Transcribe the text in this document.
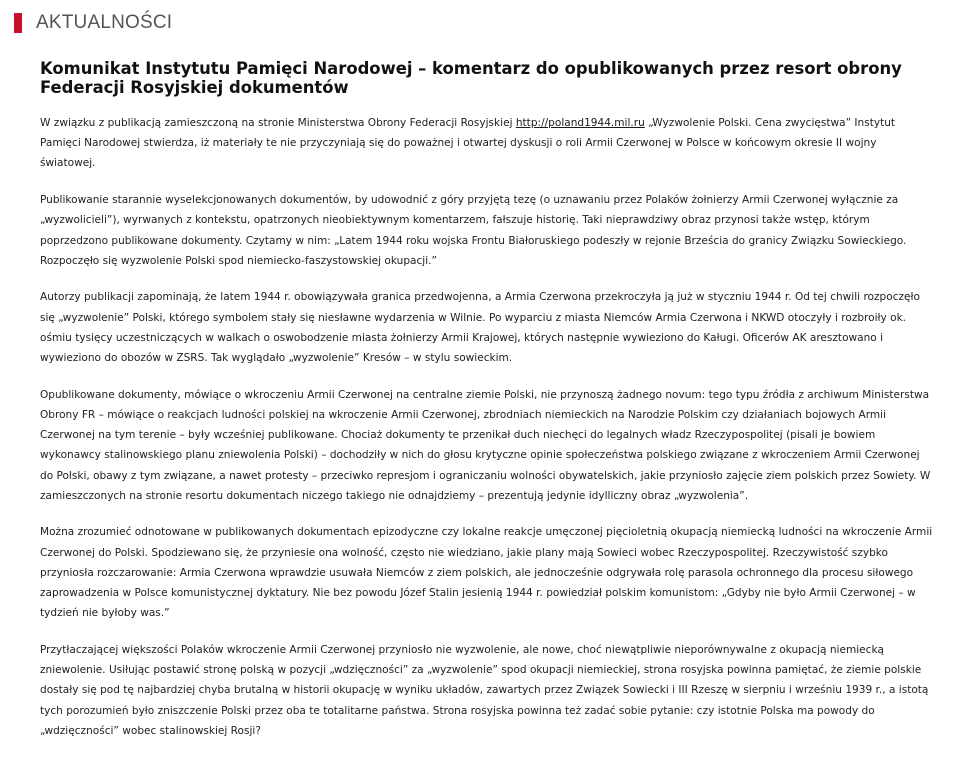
AKTUALNOŚCI
Komunikat Instytutu Pamięci Narodowej – komentarz do opublikowanych przez resort obrony Federacji Rosyjskiej dokumentów

W związku z publikacją zamieszczoną na stronie Ministerstwa Obrony Federacji Rosyjskiej http://poland1944.mil.ru „Wyzwolenie Polski. Cena zwycięstwa” Instytut Pamięci Narodowej stwierdza, iż materiały te nie przyczyniają się do poważnej i otwartej dyskusji o roli Armii Czerwonej w Polsce w końcowym okresie II wojny światowej.

Publikowanie starannie wyselekcjonowanych dokumentów, by udowodnić z góry przyjętą tezę (o uznawaniu przez Polaków żołnierzy Armii Czerwonej wyłącznie za „wyzwolicieli”), wyrwanych z kontekstu, opatrzonych nieobiektywnym komentarzem, fałszuje historię. Taki nieprawdziwy obraz przynosi także wstęp, którym poprzedzono publikowane dokumenty. Czytamy w nim: „Latem 1944 roku wojska Frontu Białoruskiego podeszły w rejonie Brześcia do granicy Związku Sowieckiego. Rozpoczęło się wyzwolenie Polski spod niemiecko-faszystowskiej okupacji.”

Autorzy publikacji zapominają, że latem 1944 r. obowiązywała granica przedwojenna, a Armia Czerwona przekroczyła ją już w styczniu 1944 r. Od tej chwili rozpoczęło się „wyzwolenie” Polski, którego symbolem stały się niesławne wydarzenia w Wilnie. Po wyparciu z miasta Niemców Armia Czerwona i NKWD otoczyły i rozbroiły ok. ośmiu tysięcy uczestniczących w walkach o oswobodzenie miasta żołnierzy Armii Krajowej, których następnie wywieziono do Kaługi. Oficerów AK aresztowano i wywieziono do obozów w ZSRS. Tak wyglądało „wyzwolenie” Kresów – w stylu sowieckim.

Opublikowane dokumenty, mówiące o wkroczeniu Armii Czerwonej na centralne ziemie Polski, nie przynoszą żadnego novum: tego typu źródła z archiwum Ministerstwa Obrony FR – mówiące o reakcjach ludności polskiej na wkroczenie Armii Czerwonej, zbrodniach niemieckich na Narodzie Polskim czy działaniach bojowych Armii Czerwonej na tym terenie – były wcześniej publikowane. Chociaż dokumenty te przenikał duch niechęci do legalnych władz Rzeczypospolitej (pisali je bowiem wykonawcy stalinowskiego planu zniewolenia Polski) – dochodziły w nich do głosu krytyczne opinie społeczeństwa polskiego związane z wkroczeniem Armii Czerwonej do Polski, obawy z tym związane, a nawet protesty – przeciwko represjom i ograniczaniu wolności obywatelskich, jakie przyniosło zajęcie ziem polskich przez Sowiety. W zamieszczonych na stronie resortu dokumentach niczego takiego nie odnajdziemy – prezentują jedynie idylliczny obraz „wyzwolenia”.

Można zrozumieć odnotowane w publikowanych dokumentach epizodyczne czy lokalne reakcje umęczonej pięcioletnią okupacją niemiecką ludności na wkroczenie Armii Czerwonej do Polski. Spodziewano się, że przyniesie ona wolność, często nie wiedziano, jakie plany mają Sowieci wobec Rzeczypospolitej. Rzeczywistość szybko przyniosła rozczarowanie: Armia Czerwona wprawdzie usuwała Niemców z ziem polskich, ale jednocześnie odgrywała rolę parasola ochronnego dla procesu siłowego zaprowadzenia w Polsce komunistycznej dyktatury. Nie bez powodu Józef Stalin jesienią 1944 r. powiedział polskim komunistom: „Gdyby nie było Armii Czerwonej – w tydzień nie byłoby was.”

Przytłaczającej większości Polaków wkroczenie Armii Czerwonej przyniosło nie wyzwolenie, ale nowe, choć niewątpliwie nieporównywalne z okupacją niemiecką zniewolenie. Usiłując postawić stronę polską w pozycji „wdzięczności” za „wyzwolenie” spod okupacji niemieckiej, strona rosyjska powinna pamiętać, że ziemie polskie dostały się pod tę najbardziej chyba brutalną w historii okupację w wyniku układów, zawartych przez Związek Sowiecki i III Rzeszę w sierpniu i wrześniu 1939 r., a istotą tych porozumień było zniszczenie Polski przez oba te totalitarne państwa. Strona rosyjska powinna też zadać sobie pytanie: czy istotnie Polska ma powody do „wdzięczności” wobec stalinowskiej Rosji?
